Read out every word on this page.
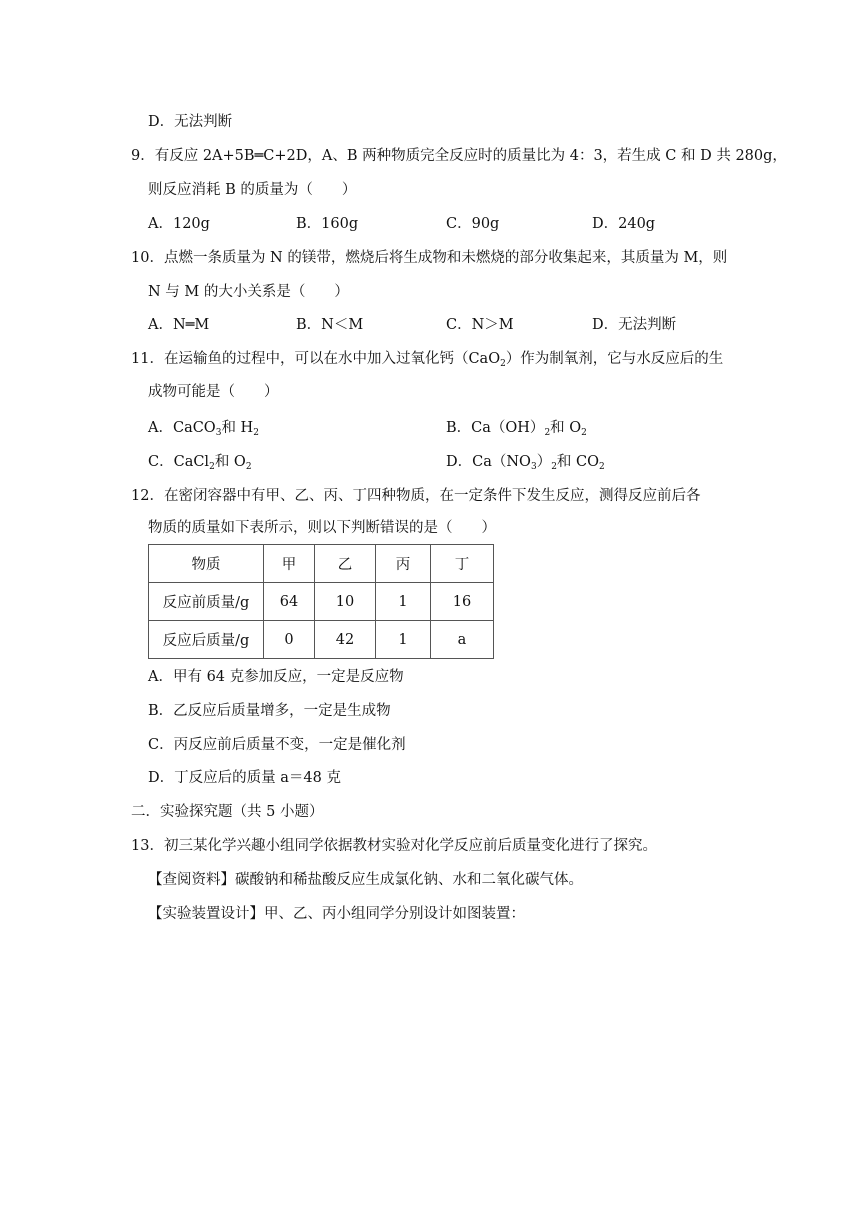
D．无法判断
9．有反应 2A+5B═C+2D，A、B 两种物质完全反应时的质量比为 4：3，若生成 C 和 D 共 280g，
则反应消耗 B 的质量为（　　）
A．120g	B．160g	C．90g	D．240g
10．点燃一条质量为 N 的镁带，燃烧后将生成物和未燃烧的部分收集起来，其质量为 M，则
N 与 M 的大小关系是（　　）
A．N═M	B．N＜M	C．N＞M	D．无法判断
11．在运输鱼的过程中，可以在水中加入过氧化钙（CaO$_2$）作为制氧剂，它与水反应后的生
成物可能是（　　）
A．CaCO$_3$和 $H_2$	B．$Ca(OH)_2$和 $O_2$
C．CaCl$_2$和 $O_2$	D．$Ca(NO_3)_2$和 $CO_2$
12．在密闭容器中有甲、乙、丙、丁四种物质，在一定条件下发生反应，测得反应前后各
物质的质量如下表所示，则以下判断错误的是（　　）
物质	甲	乙	丙	丁
反应前质量/g	64	10	1	16
反应后质量/g	0	42	1	a
A．甲有 64 克参加反应，一定是反应物
B．乙反应后质量增多，一定是生成物
C．丙反应前后质量不变，一定是催化剂
D．丁反应后的质量 a＝48 克
二．实验探究题（共 5 小题）
13．初三某化学兴趣小组同学依据教材实验对化学反应前后质量变化进行了探究。
【查阅资料】碳酸钠和稀盐酸反应生成氯化钠、水和二氧化碳气体。
【实验装置设计】甲、乙、丙小组同学分别设计如图装置：
